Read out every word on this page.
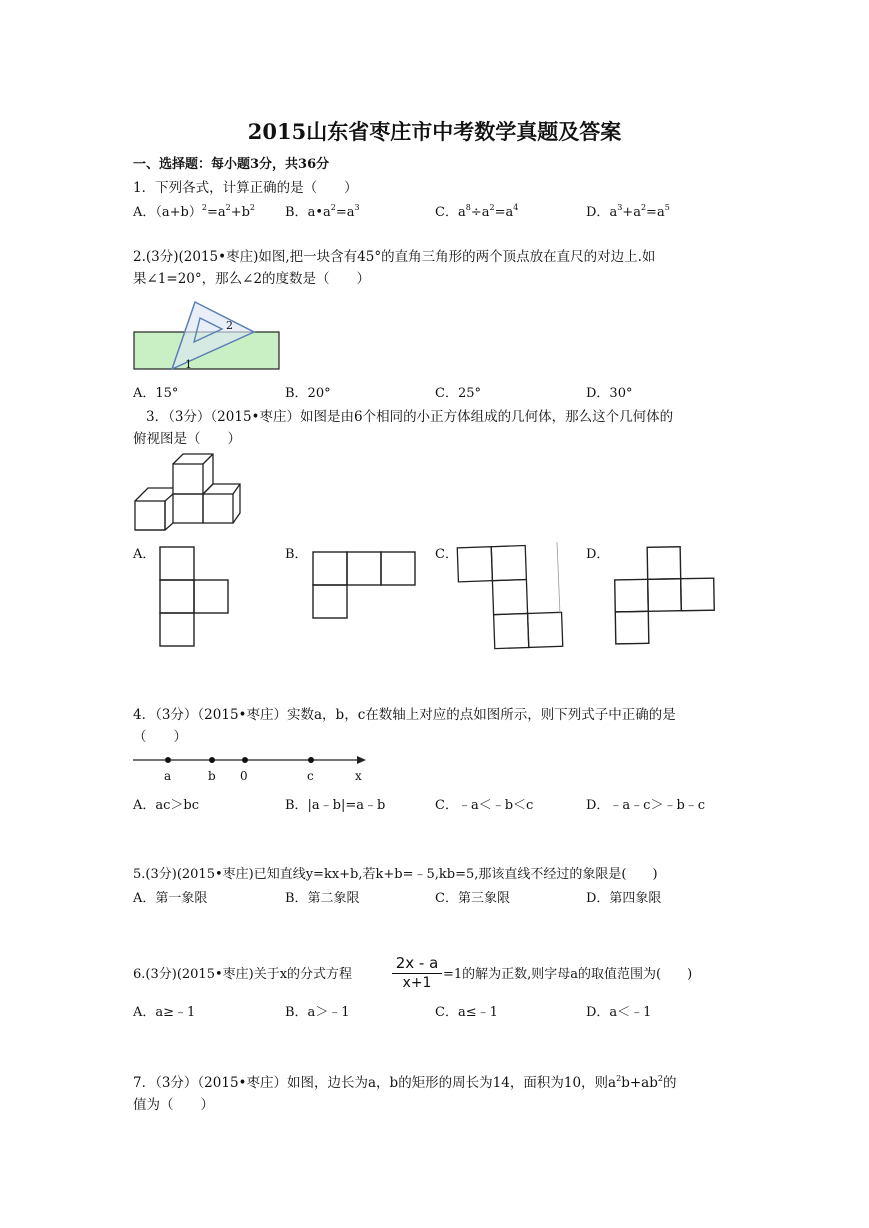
2015山东省枣庄市中考数学真题及答案
一、选择题：每小题3分，共36分
1．下列各式，计算正确的是（　　）
A．$(a+b)^2=a^2+b^2$ B．$a•a^2=a^3$	C．$a^8\div a^2=a^4$	D．$a^3+a^2=a^5$
2.(3分)(2015•枣庄)如图,把一块含有45°的直角三角形的两个顶点放在直尺的对边上.如
果∠1=20°，那么∠2的度数是（　　）
2
1
A．15°	B．20°	C．25°	D．30°
3．（3分）（2015•枣庄）如图是由6个相同的小正方体组成的几何体，那么这个几何体的
俯视图是（　　）
A．	B．	C．	D．
4．（3分）（2015•枣庄）实数a，b，c在数轴上对应的点如图所示，则下列式子中正确的是
（　　）
a	b 0	c	x
A．ac＞bc	B．|a﹣b|=a﹣b	C．﹣a＜﹣b＜c	D．﹣a﹣c＞﹣b﹣c
5.(3分)(2015•枣庄)已知直线y=kx+b,若k+b=﹣5,kb=5,那该直线不经过的象限是(　　)
A．第一象限	B．第二象限	C．第三象限	D．第四象限
6.(3分)(2015•枣庄)关于x的分式方程	$\frac{2x - a}{x+1} =1$的解为正数,则字母a的取值范围为(　　)
A．a≥﹣1	B．a＞﹣1	C．a≤﹣1	D．a＜﹣1
7．（3分）（2015•枣庄）如图，边长为a，b的矩形的周长为14，面积为10，则$a^2b+ab^2$的
值为（　　）
